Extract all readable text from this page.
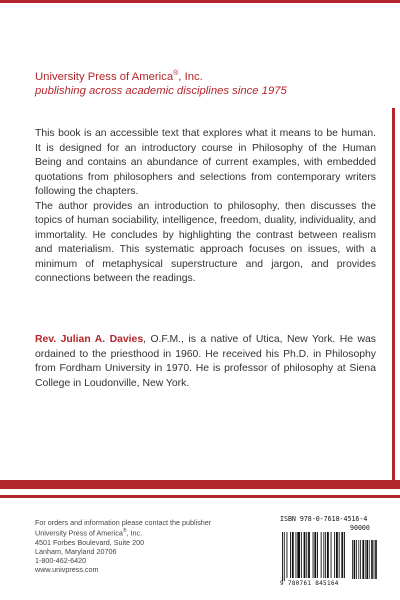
University Press of America®, Inc.
publishing across academic disciplines since 1975

This book is an accessible text that explores what it means to be human. It is designed for an introductory course in Philosophy of the Human Being and contains an abundance of current examples, with embedded quotations from philosophers and selections from contemporary writers following the chapters.

The author provides an introduction to philosophy, then discusses the topics of human sociability, intelligence, freedom, duality, individuality, and immortality. He concludes by highlighting the contrast between realism and materialism. This systematic approach focuses on issues, with a minimum of metaphysical superstructure and jargon, and provides connections between the readings.

Rev. Julian A. Davies, O.F.M., is a native of Utica, New York. He was ordained to the priesthood in 1960. He received his Ph.D. in Philosophy from Fordham University in 1970. He is professor of philosophy at Siena College in Loudonville, New York.

For orders and information please contact the publisher
University Press of America®, Inc.
4501 Forbes Boulevard, Suite 200
Lanham, Maryland 20706
1-800-462-6420
www.univpress.com
ISBN 978-0-7618-4516-4
90000
9 780761 845164
